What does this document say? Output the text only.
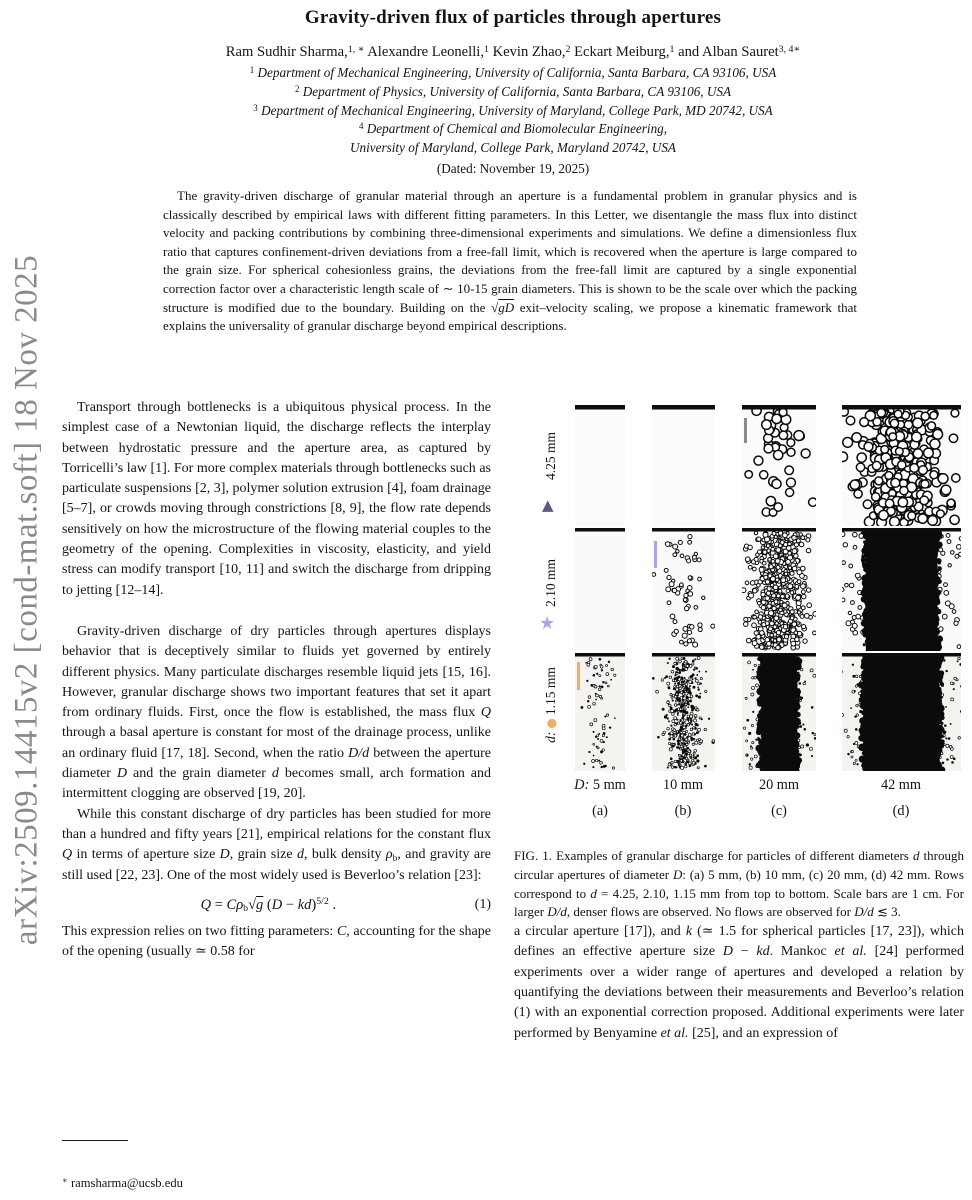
arXiv:2509.14415v2 [cond-mat.soft] 18 Nov 2025
Gravity-driven flux of particles through apertures
Ram Sudhir Sharma,$^{1, ∗}$ Alexandre Leonelli,$^1$ Kevin Zhao,$^2$ Eckart Meiburg,$^1$ and Alban Sauret$^{3, 4∗}$
$^1$ Department of Mechanical Engineering, University of California, Santa Barbara, CA 93106, USA
$^2$ Department of Physics, University of California, Santa Barbara, CA 93106, USA
$^3$ Department of Mechanical Engineering, University of Maryland, College Park, MD 20742, USA
$^4$ Department of Chemical and Biomolecular Engineering,
University of Maryland, College Park, Maryland 20742, USA
(Dated: November 19, 2025)
The gravity-driven discharge of granular material through an aperture is a fundamental problem in granular physics and is classically described by empirical laws with different fitting parameters. In this Letter, we disentangle the mass flux into distinct velocity and packing contributions by combining three-dimensional experiments and simulations. We define a dimensionless flux ratio that captures confinement-driven deviations from a free-fall limit, which is recovered when the aperture is large compared to the grain size. For spherical cohesionless grains, the deviations from the free-fall limit are captured by a single exponential correction factor over a characteristic length scale of ∼ 10-15 grain diameters. This is shown to be the scale over which the packing structure is modified due to the boundary. Building on the √gD exit–velocity scaling, we propose a kinematic framework that explains the universality of granular discharge beyond empirical descriptions.

Transport through bottlenecks is a ubiquitous physical process. In the simplest case of a Newtonian liquid, the discharge reflects the interplay between hydrostatic pressure and the aperture area, as captured by Torricelli’s law [1]. For more complex materials through bottlenecks such as particulate suspensions [2, 3], polymer solution extrusion [4], foam drainage [5–7], or crowds moving through constrictions [8, 9], the flow rate depends sensitively on how the microstructure of the flowing material couples to the geometry of the opening. Complexities in viscosity, elasticity, and yield stress can modify transport [10, 11] and switch the discharge from dripping to jetting [12–14].

Gravity-driven discharge of dry particles through apertures displays behavior that is deceptively similar to fluids yet governed by entirely different physics. Many particulate discharges resemble liquid jets [15, 16]. However, granular discharge shows two important features that set it apart from ordinary fluids. First, once the flow is established, the mass flux Q through a basal aperture is constant for most of the drainage process, unlike an ordinary fluid [17, 18]. Second, when the ratio D/d between the aperture diameter D and the grain diameter d becomes small, arch formation and intermittent clogging are observed [19, 20].

While this constant discharge of dry particles has been studied for more than a hundred and fifty years [21], empirical relations for the constant flux Q in terms of aperture size D, grain size d, bulk density ρb, and gravity are still used [22, 23]. One of the most widely used is Beverloo’s relation [23]:

Q = Cρb√g (D − kd)$^{5/2}$ .	(1)

This expression relies on two fitting parameters: C, accounting for the shape of the opening (usually ≃ 0.58 for

4.25 mm
2.10 mm
d:●1.15 mm
▲
★
D: 5 mm	10 mm	20 mm	42 mm
(a)	(b)	(c)	(d)
FIG. 1. Examples of granular discharge for particles of different diameters d through circular apertures of diameter D: (a) 5 mm, (b) 10 mm, (c) 20 mm, (d) 42 mm. Rows correspond to d = 4.25, 2.10, 1.15 mm from top to bottom. Scale bars are 1 cm. For larger D/d, denser flows are observed. No flows are observed for D/d ≲ 3.

a circular aperture [17]), and k (≃ 1.5 for spherical particles [17, 23]), which defines an effective aperture size D − kd. Mankoc et al. [24] performed experiments over a wider range of apertures and developed a relation by quantifying the deviations between their measurements and Beverloo’s relation (1) with an exponential correction proposed. Additional experiments were later performed by Benyamine et al. [25], and an expression of

∗ ramsharma@ucsb.edu
